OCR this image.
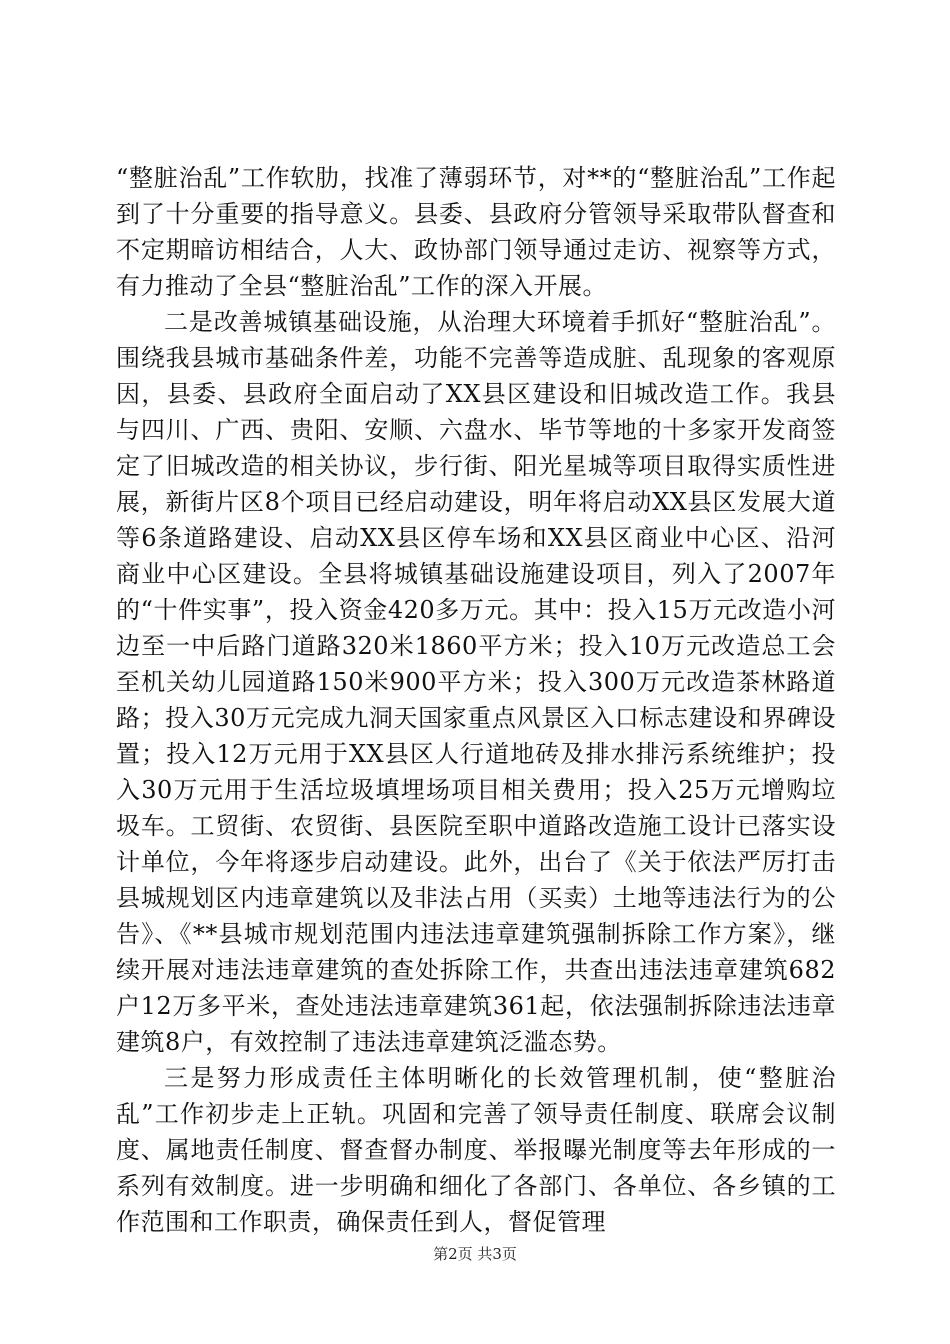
“整脏治乱”工作软肋，找准了薄弱环节，对**的“整脏治乱”工作起到了十分重要的指导意义。县委、县政府分管领导采取带队督查和不定期暗访相结合，人大、政协部门领导通过走访、视察等方式，有力推动了全县“整脏治乱”工作的深入开展。

二是改善城镇基础设施，从治理大环境着手抓好“整脏治乱”。围绕我县城市基础条件差，功能不完善等造成脏、乱现象的客观原因，县委、县政府全面启动了XX县区建设和旧城改造工作。我县与四川、广西、贵阳、安顺、六盘水、毕节等地的十多家开发商签定了旧城改造的相关协议，步行街、阳光星城等项目取得实质性进展，新街片区8个项目已经启动建设，明年将启动XX县区发展大道等6条道路建设、启动XX县区停车场和XX县区商业中心区、沿河商业中心区建设。全县将城镇基础设施建设项目，列入了2007年的“十件实事”，投入资金420多万元。其中：投入15万元改造小河边至一中后路门道路320米1860平方米；投入10万元改造总工会至机关幼儿园道路150米900平方米；投入300万元改造茶林路道路；投入30万元完成九洞天国家重点风景区入口标志建设和界碑设置；投入12万元用于XX县区人行道地砖及排水排污系统维护；投入30万元用于生活垃圾填埋场项目相关费用；投入25万元增购垃圾车。工贸街、农贸街、县医院至职中道路改造施工设计已落实设计单位，今年将逐步启动建设。此外，出台了《关于依法严厉打击县城规划区内违章建筑以及非法占用（买卖）土地等违法行为的公告》、《**县城市规划范围内违法违章建筑强制拆除工作方案》，继续开展对违法违章建筑的查处拆除工作，共查出违法违章建筑682户12万多平米，查处违法违章建筑361起，依法强制拆除违法违章建筑8户，有效控制了违法违章建筑泛滥态势。

三是努力形成责任主体明晰化的长效管理机制，使“整脏治乱”工作初步走上正轨。巩固和完善了领导责任制度、联席会议制度、属地责任制度、督查督办制度、举报曝光制度等去年形成的一系列有效制度。进一步明确和细化了各部门、各单位、各乡镇的工作范围和工作职责，确保责任到人，督促管理

第2页 共3页
